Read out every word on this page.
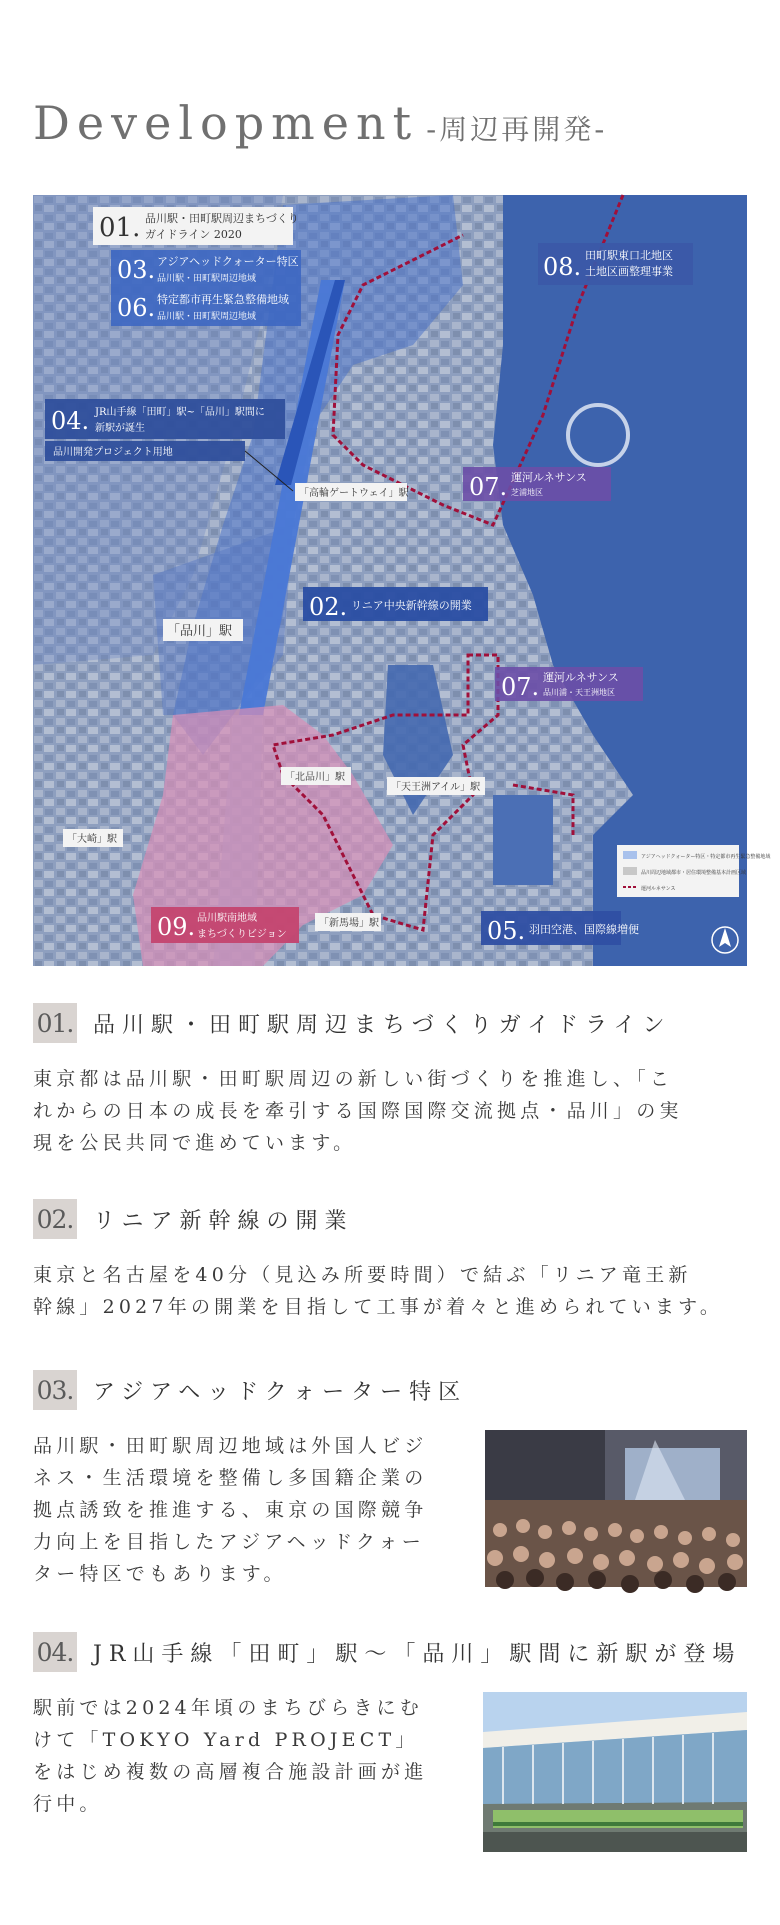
Development -周辺再開発-
01. 品川駅・田町駅周辺まちづくり
ガイドライン 2020
03. アジアヘッドクォーター特区
品川駅・田町駅周辺地域
06. 特定都市再生緊急整備地域
品川駅・田町駅周辺地域
08. 田町駅東口北地区
土地区画整理事業
04. JR山手線「田町」駅~「品川」駅間に
新駅が誕生
品川開発プロジェクト用地
07. 運河ルネサンス
芝浦地区
「高輪ゲートウェイ」駅
02. リニア中央新幹線の開業
「品川」駅
07. 運河ルネサンス
品川浦・天王洲地区
「北品川」駅
「天王洲アイル」駅
「大崎」駅
アジアヘッドクォーター特区・特定都市再生緊急整備地域
品川周辺地域都市・居住環境整備基本計画区域
運河ルネサンス
「新馬場」駅
09. 品川駅南地域
まちづくりビジョン	05. 羽田空港、国際線増便
01. 品川駅・田町駅周辺まちづくりガイドライン
東京都は品川駅・田町駅周辺の新しい街づくりを推進し、「こ
れからの日本の成長を牽引する国際国際交流拠点・品川」の実
現を公民共同で進めています。
02. リニア新幹線の開業
東京と名古屋を40分（見込み所要時間）で結ぶ「リニア竜王新
幹線」2027年の開業を目指して工事が着々と進められています。
03. アジアヘッドクォーター特区
品川駅・田町駅周辺地域は外国人ビジ
ネス・生活環境を整備し多国籍企業の
拠点誘致を推進する、東京の国際競争
力向上を目指したアジアヘッドクォー
ター特区でもあります。
04. JR山手線「田町」駅～「品川」駅間に新駅が登場
駅前では2024年頃のまちびらきにむ
けて「TOKYO Yard PROJECT」
をはじめ複数の高層複合施設計画が進
行中。
